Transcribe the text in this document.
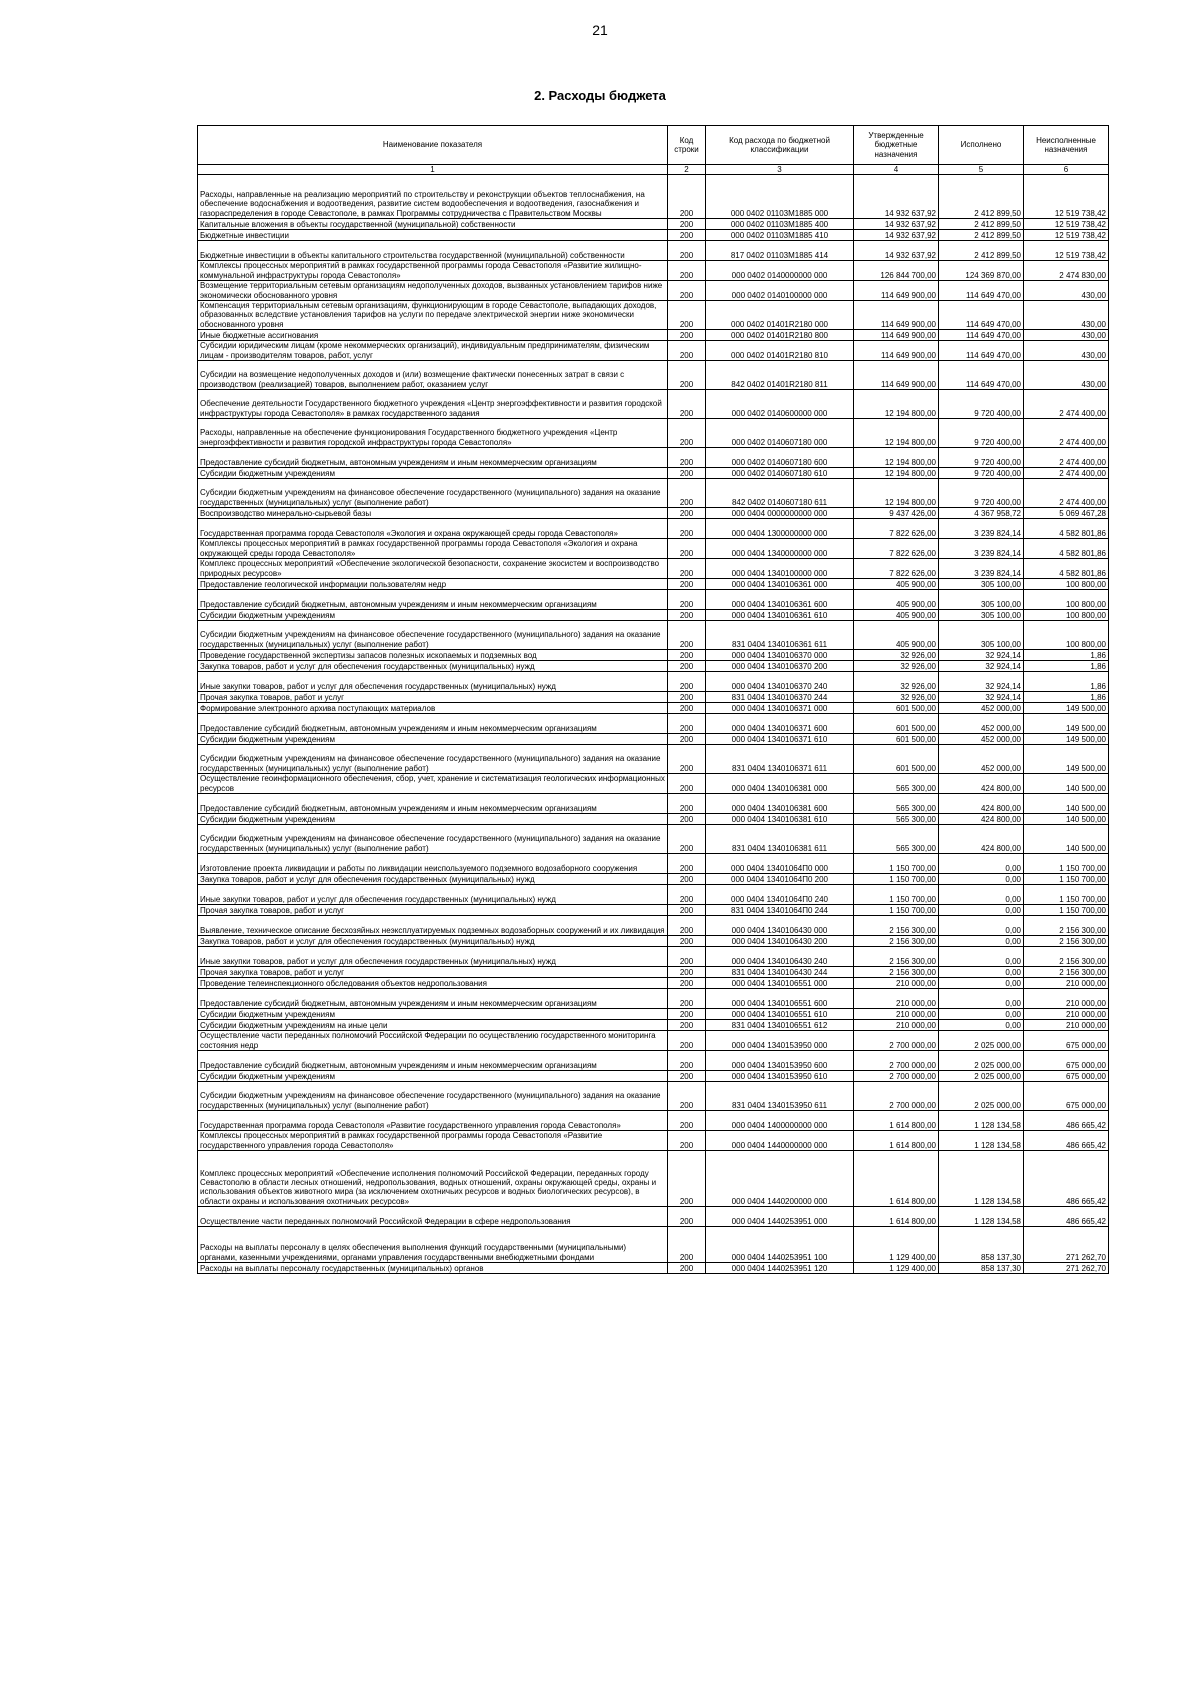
21
2. Расходы бюджета
Наименование показателя	Код строки	Код расхода по бюджетной классификации	Утвержденные бюджетные назначения	Исполнено	Неисполненные назначения
1	2	3	4	5	6
Расходы, направленные на реализацию мероприятий по строительству и реконструкции объектов теплоснабжения, на обеспечение водоснабжения и водоотведения, развитие систем водообеспечения и водоотведения, газоснабжения и газораспределения в городе Севастополе, в рамках Программы сотрудничества с Правительством Москвы	200	000 0402 01103M1885 000	14 932 637,92	2 412 899,50	12 519 738,42
Капитальные вложения в объекты государственной (муниципальной) собственности	200	000 0402 01103M1885 400	14 932 637,92	2 412 899,50	12 519 738,42
Бюджетные инвестиции	200	000 0402 01103M1885 410	14 932 637,92	2 412 899,50	12 519 738,42
Бюджетные инвестиции в объекты капитального строительства государственной (муниципальной) собственности	200	817 0402 01103M1885 414	14 932 637,92	2 412 899,50	12 519 738,42
Комплексы процессных мероприятий в рамках государственной программы города Севастополя «Развитие жилищно-коммунальной инфраструктуры города Севастополя»	200	000 0402 0140000000 000	126 844 700,00	124 369 870,00	2 474 830,00
Возмещение территориальным сетевым организациям недополученных доходов, вызванных установлением тарифов ниже экономически обоснованного уровня	200	000 0402 0140100000 000	114 649 900,00	114 649 470,00	430,00
Компенсация территориальным сетевым организациям, функционирующим в городе Севастополе, выпадающих доходов, образованных вследствие установления тарифов на услуги по передаче электрической энергии ниже экономически обоснованного уровня	200	000 0402 01401R2180 000	114 649 900,00	114 649 470,00	430,00
Иные бюджетные ассигнования	200	000 0402 01401R2180 800	114 649 900,00	114 649 470,00	430,00
Субсидии юридическим лицам (кроме некоммерческих организаций), индивидуальным предпринимателям, физическим лицам - производителям товаров, работ, услуг	200	000 0402 01401R2180 810	114 649 900,00	114 649 470,00	430,00
Субсидии на возмещение недополученных доходов и (или) возмещение фактически понесенных затрат в связи с производством (реализацией) товаров, выполнением работ, оказанием услуг	200	842 0402 01401R2180 811	114 649 900,00	114 649 470,00	430,00
Обеспечение деятельности Государственного бюджетного учреждения «Центр энергоэффективности и развития городской инфраструктуры города Севастополя» в рамках государственного задания	200	000 0402 0140600000 000	12 194 800,00	9 720 400,00	2 474 400,00
Расходы, направленные на обеспечение функционирования Государственного бюджетного учреждения «Центр энергоэффективности и развития городской инфраструктуры города Севастополя»	200	000 0402 0140607180 000	12 194 800,00	9 720 400,00	2 474 400,00
Предоставление субсидий бюджетным, автономным учреждениям и иным некоммерческим организациям	200	000 0402 0140607180 600	12 194 800,00	9 720 400,00	2 474 400,00
Субсидии бюджетным учреждениям	200	000 0402 0140607180 610	12 194 800,00	9 720 400,00	2 474 400,00
Субсидии бюджетным учреждениям на финансовое обеспечение государственного (муниципального) задания на оказание государственных (муниципальных) услуг (выполнение работ)	200	842 0402 0140607180 611	12 194 800,00	9 720 400,00	2 474 400,00
Воспроизводство минерально-сырьевой базы	200	000 0404 0000000000 000	9 437 426,00	4 367 958,72	5 069 467,28
Государственная программа города Севастополя «Экология и охрана окружающей среды города Севастополя»	200	000 0404 1300000000 000	7 822 626,00	3 239 824,14	4 582 801,86
Комплексы процессных мероприятий в рамках государственной программы города Севастополя «Экология и охрана окружающей среды города Севастополя»	200	000 0404 1340000000 000	7 822 626,00	3 239 824,14	4 582 801,86
Комплекс процессных мероприятий «Обеспечение экологической безопасности, сохранение экосистем и воспроизводство природных ресурсов»	200	000 0404 1340100000 000	7 822 626,00	3 239 824,14	4 582 801,86
Предоставление геологической информации пользователям недр	200	000 0404 1340106361 000	405 900,00	305 100,00	100 800,00
Предоставление субсидий бюджетным, автономным учреждениям и иным некоммерческим организациям	200	000 0404 1340106361 600	405 900,00	305 100,00	100 800,00
Субсидии бюджетным учреждениям	200	000 0404 1340106361 610	405 900,00	305 100,00	100 800,00
Субсидии бюджетным учреждениям на финансовое обеспечение государственного (муниципального) задания на оказание государственных (муниципальных) услуг (выполнение работ)	200	831 0404 1340106361 611	405 900,00	305 100,00	100 800,00
Проведение государственной экспертизы запасов полезных ископаемых и подземных вод	200	000 0404 1340106370 000	32 926,00	32 924,14	1,86
Закупка товаров, работ и услуг для обеспечения государственных (муниципальных) нужд	200	000 0404 1340106370 200	32 926,00	32 924,14	1,86
Иные закупки товаров, работ и услуг для обеспечения государственных (муниципальных) нужд	200	000 0404 1340106370 240	32 926,00	32 924,14	1,86
Прочая закупка товаров, работ и услуг	200	831 0404 1340106370 244	32 926,00	32 924,14	1,86
Формирование электронного архива поступающих материалов	200	000 0404 1340106371 000	601 500,00	452 000,00	149 500,00
Предоставление субсидий бюджетным, автономным учреждениям и иным некоммерческим организациям	200	000 0404 1340106371 600	601 500,00	452 000,00	149 500,00
Субсидии бюджетным учреждениям	200	000 0404 1340106371 610	601 500,00	452 000,00	149 500,00
Субсидии бюджетным учреждениям на финансовое обеспечение государственного (муниципального) задания на оказание государственных (муниципальных) услуг (выполнение работ)	200	831 0404 1340106371 611	601 500,00	452 000,00	149 500,00
Осуществление геоинформационного обеспечения, сбор, учет, хранение и систематизация геологических информационных ресурсов	200	000 0404 1340106381 000	565 300,00	424 800,00	140 500,00
Предоставление субсидий бюджетным, автономным учреждениям и иным некоммерческим организациям	200	000 0404 1340106381 600	565 300,00	424 800,00	140 500,00
Субсидии бюджетным учреждениям	200	000 0404 1340106381 610	565 300,00	424 800,00	140 500,00
Субсидии бюджетным учреждениям на финансовое обеспечение государственного (муниципального) задания на оказание государственных (муниципальных) услуг (выполнение работ)	200	831 0404 1340106381 611	565 300,00	424 800,00	140 500,00
Изготовление проекта ликвидации и работы по ликвидации неиспользуемого подземного водозаборного сооружения	200	000 0404 13401064П0 000	1 150 700,00	0,00	1 150 700,00
Закупка товаров, работ и услуг для обеспечения государственных (муниципальных) нужд	200	000 0404 13401064П0 200	1 150 700,00	0,00	1 150 700,00
Иные закупки товаров, работ и услуг для обеспечения государственных (муниципальных) нужд	200	000 0404 13401064П0 240	1 150 700,00	0,00	1 150 700,00
Прочая закупка товаров, работ и услуг	200	831 0404 13401064П0 244	1 150 700,00	0,00	1 150 700,00
Выявление, техническое описание бесхозяйных неэксплуатируемых подземных водозаборных сооружений и их ликвидация	200	000 0404 1340106430 000	2 156 300,00	0,00	2 156 300,00
Закупка товаров, работ и услуг для обеспечения государственных (муниципальных) нужд	200	000 0404 1340106430 200	2 156 300,00	0,00	2 156 300,00
Иные закупки товаров, работ и услуг для обеспечения государственных (муниципальных) нужд	200	000 0404 1340106430 240	2 156 300,00	0,00	2 156 300,00
Прочая закупка товаров, работ и услуг	200	831 0404 1340106430 244	2 156 300,00	0,00	2 156 300,00
Проведение телеинспекционного обследования объектов недропользования	200	000 0404 1340106551 000	210 000,00	0,00	210 000,00
Предоставление субсидий бюджетным, автономным учреждениям и иным некоммерческим организациям	200	000 0404 1340106551 600	210 000,00	0,00	210 000,00
Субсидии бюджетным учреждениям	200	000 0404 1340106551 610	210 000,00	0,00	210 000,00
Субсидии бюджетным учреждениям на иные цели	200	831 0404 1340106551 612	210 000,00	0,00	210 000,00
Осуществление части переданных полномочий Российской Федерации по осуществлению государственного мониторинга состояния недр	200	000 0404 1340153950 000	2 700 000,00	2 025 000,00	675 000,00
Предоставление субсидий бюджетным, автономным учреждениям и иным некоммерческим организациям	200	000 0404 1340153950 600	2 700 000,00	2 025 000,00	675 000,00
Субсидии бюджетным учреждениям	200	000 0404 1340153950 610	2 700 000,00	2 025 000,00	675 000,00
Субсидии бюджетным учреждениям на финансовое обеспечение государственного (муниципального) задания на оказание государственных (муниципальных) услуг (выполнение работ)	200	831 0404 1340153950 611	2 700 000,00	2 025 000,00	675 000,00
Государственная программа города Севастополя «Развитие государственного управления города Севастополя»	200	000 0404 1400000000 000	1 614 800,00	1 128 134,58	486 665,42
Комплексы процессных мероприятий в рамках государственной программы города Севастополя «Развитие государственного управления города Севастополя»	200	000 0404 1440000000 000	1 614 800,00	1 128 134,58	486 665,42
Комплекс процессных мероприятий «Обеспечение исполнения полномочий Российской Федерации, переданных городу Севастополю в области лесных отношений, недропользования, водных отношений, охраны окружающей среды, охраны и использования объектов животного мира (за исключением охотничьих ресурсов и водных биологических ресурсов), в области охраны и использования охотничьих ресурсов»	200	000 0404 1440200000 000	1 614 800,00	1 128 134,58	486 665,42
Осуществление части переданных полномочий Российской Федерации в сфере недропользования	200	000 0404 1440253951 000	1 614 800,00	1 128 134,58	486 665,42
Расходы на выплаты персоналу в целях обеспечения выполнения функций государственными (муниципальными) органами, казенными учреждениями, органами управления государственными внебюджетными фондами	200	000 0404 1440253951 100	1 129 400,00	858 137,30	271 262,70
Расходы на выплаты персоналу государственных (муниципальных) органов	200	000 0404 1440253951 120	1 129 400,00	858 137,30	271 262,70
